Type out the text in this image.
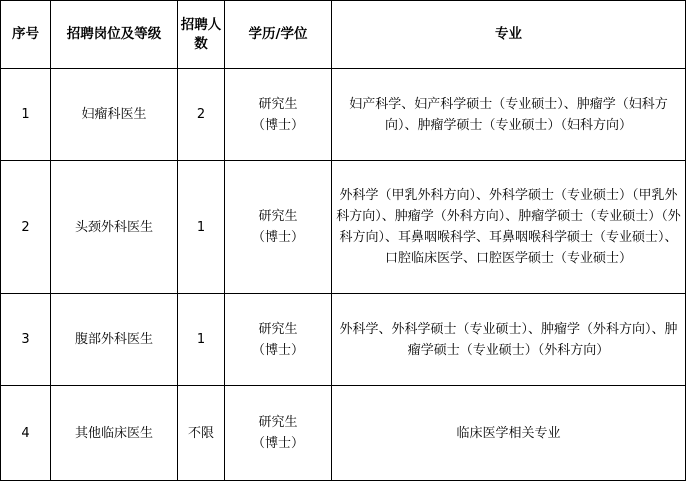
序号	招聘岗位及等级	招聘人数	学历/学位	专业
1	妇瘤科医生	2	研究生（博士）	妇产科学、妇产科学硕士（专业硕士）、肿瘤学（妇科方向）、肿瘤学硕士（专业硕士）（妇科方向）
2	头颈外科医生	1	研究生（博士）	外科学（甲乳外科方向）、外科学硕士（专业硕士）（甲乳外科方向）、肿瘤学（外科方向）、肿瘤学硕士（专业硕士）（外科方向）、耳鼻咽喉科学、耳鼻咽喉科学硕士（专业硕士）、口腔临床医学、口腔医学硕士（专业硕士）
3	腹部外科医生	1	研究生（博士）	外科学、外科学硕士（专业硕士）、肿瘤学（外科方向）、肿瘤学硕士（专业硕士）（外科方向）
4	其他临床医生	不限	研究生（博士）	临床医学相关专业
